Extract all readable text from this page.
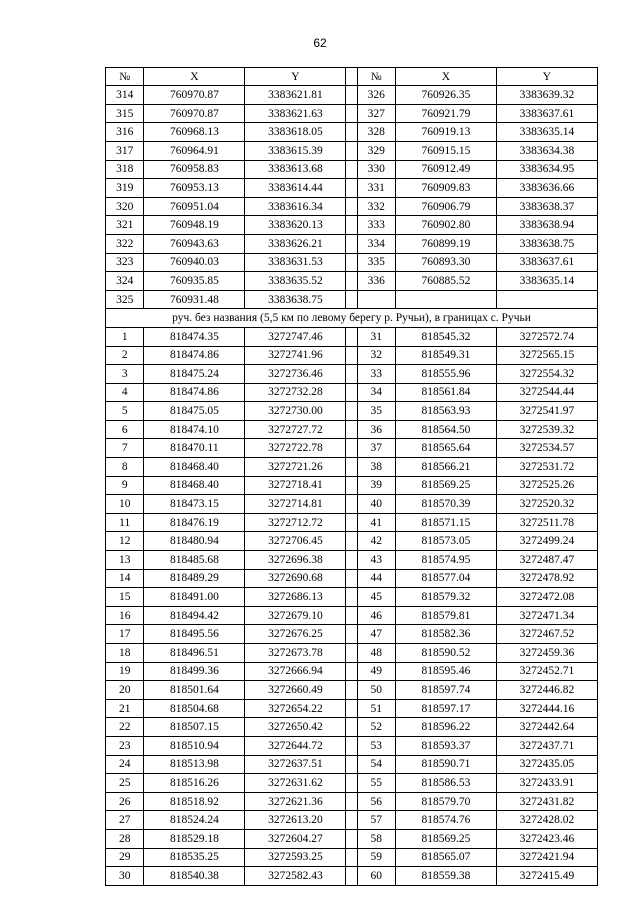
62
№	X	Y		№	X	Y
314	760970.87	3383621.81		326	760926.35	3383639.32
315	760970.87	3383621.63		327	760921.79	3383637.61
316	760968.13	3383618.05		328	760919.13	3383635.14
317	760964.91	3383615.39		329	760915.15	3383634.38
318	760958.83	3383613.68		330	760912.49	3383634.95
319	760953.13	3383614.44		331	760909.83	3383636.66
320	760951.04	3383616.34		332	760906.79	3383638.37
321	760948.19	3383620.13		333	760902.80	3383638.94
322	760943.63	3383626.21		334	760899.19	3383638.75
323	760940.03	3383631.53		335	760893.30	3383637.61
324	760935.85	3383635.52		336	760885.52	3383635.14
325	760931.48	3383638.75				
руч. без названия (5,5 км по левому берегу р. Ручьи), в границах с. Ручьи						
1	818474.35	3272747.46		31	818545.32	3272572.74
2	818474.86	3272741.96		32	818549.31	3272565.15
3	818475.24	3272736.46		33	818555.96	3272554.32
4	818474.86	3272732.28		34	818561.84	3272544.44
5	818475.05	3272730.00		35	818563.93	3272541.97
6	818474.10	3272727.72		36	818564.50	3272539.32
7	818470.11	3272722.78		37	818565.64	3272534.57
8	818468.40	3272721.26		38	818566.21	3272531.72
9	818468.40	3272718.41		39	818569.25	3272525.26
10	818473.15	3272714.81		40	818570.39	3272520.32
11	818476.19	3272712.72		41	818571.15	3272511.78
12	818480.94	3272706.45		42	818573.05	3272499.24
13	818485.68	3272696.38		43	818574.95	3272487.47
14	818489.29	3272690.68		44	818577.04	3272478.92
15	818491.00	3272686.13		45	818579.32	3272472.08
16	818494.42	3272679.10		46	818579.81	3272471.34
17	818495.56	3272676.25		47	818582.36	3272467.52
18	818496.51	3272673.78		48	818590.52	3272459.36
19	818499.36	3272666.94		49	818595.46	3272452.71
20	818501.64	3272660.49		50	818597.74	3272446.82
21	818504.68	3272654.22		51	818597.17	3272444.16
22	818507.15	3272650.42		52	818596.22	3272442.64
23	818510.94	3272644.72		53	818593.37	3272437.71
24	818513.98	3272637.51		54	818590.71	3272435.05
25	818516.26	3272631.62		55	818586.53	3272433.91
26	818518.92	3272621.36		56	818579.70	3272431.82
27	818524.24	3272613.20		57	818574.76	3272428.02
28	818529.18	3272604.27		58	818569.25	3272423.46
29	818535.25	3272593.25		59	818565.07	3272421.94
30	818540.38	3272582.43		60	818559.38	3272415.49
